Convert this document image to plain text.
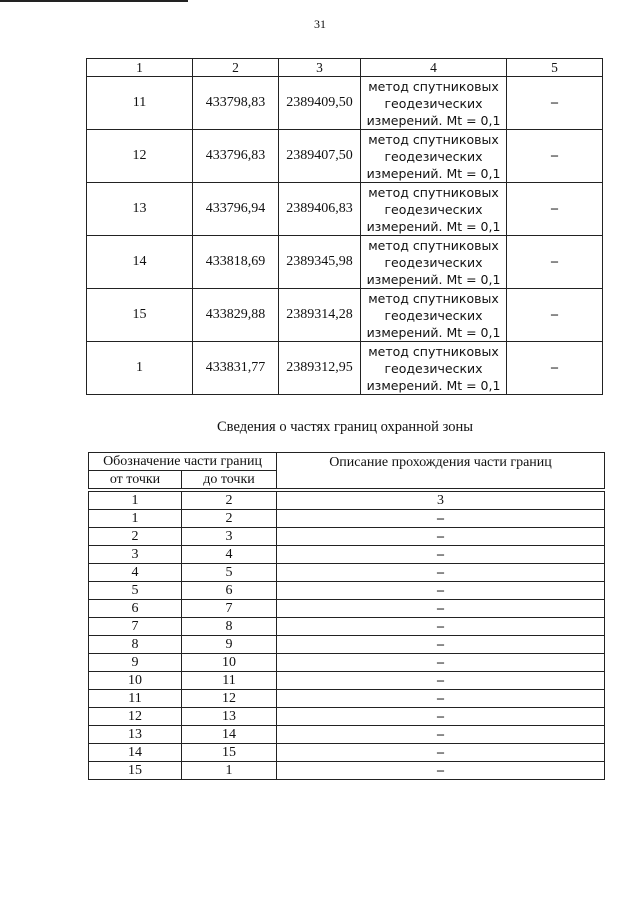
31
1	2	3	4	5
11	433798,83	2389409,50	метод спутниковых
геодезических
измерений. Mt = 0,1	–
12	433796,83	2389407,50	метод спутниковых
геодезических
измерений. Mt = 0,1	–
13	433796,94	2389406,83	метод спутниковых
геодезических
измерений. Mt = 0,1	–
14	433818,69	2389345,98	метод спутниковых
геодезических
измерений. Mt = 0,1	–
15	433829,88	2389314,28	метод спутниковых
геодезических
измерений. Mt = 0,1	–
1	433831,77	2389312,95	метод спутниковых
геодезических
измерений. Mt = 0,1	–
Сведения о частях границ охранной зоны
Обозначение части границ		Описание прохождения части границ
от точки	до точки	

1	2	3
1	2	–
2	3	–
3	4	–
4	5	–
5	6	–
6	7	–
7	8	–
8	9	–
9	10	–
10	11	–
11	12	–
12	13	–
13	14	–
14	15	–
15	1	–
